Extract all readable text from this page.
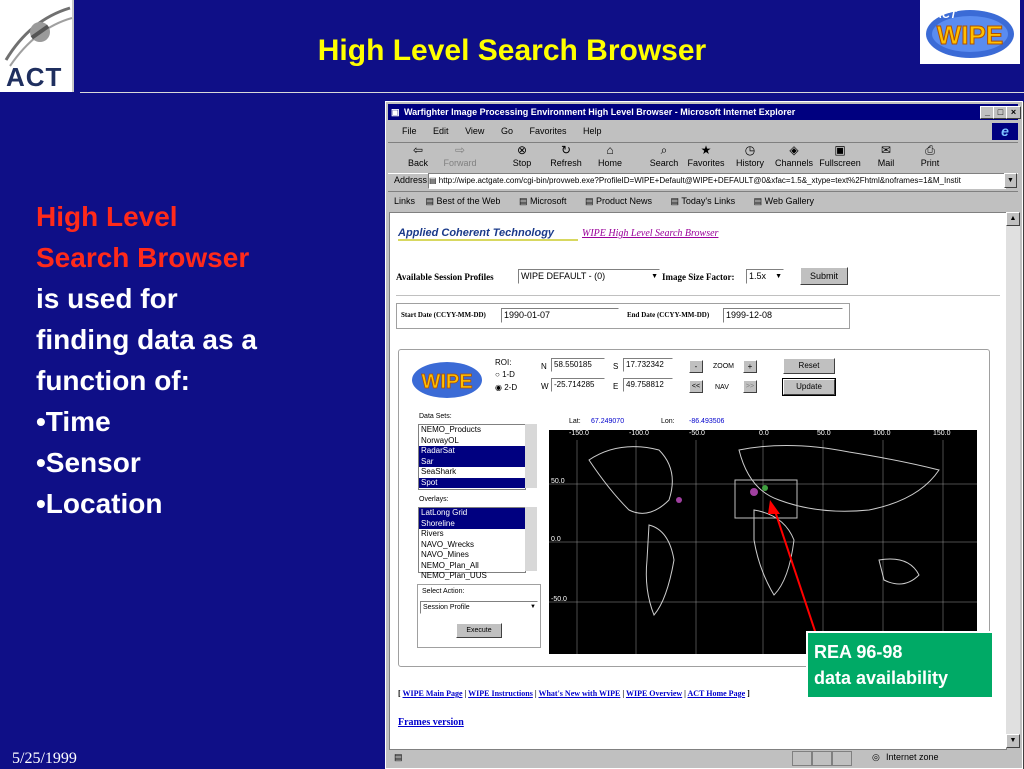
ACT
High Level Search Browser	WIPE
ACT
High Level
Search Browser
is used for
finding data as a
function of:
•Time
•Sensor
•Location
5/25/1999
▣ Warfighter Image Processing Environment High Level Browser - Microsoft Internet Explorer	_ □ ×
File Edit View Go Favorites Help	e
⇦
Back
⇨
Forward
⊗
Stop
↻
Refresh
⌂
Home
⌕
Search
★
Favorites
◷
History
◈
Channels
▣
Fullscreen
✉
Mail
⎙
Print
Address ▤ http://wipe.actgate.com/cgi-bin/provweb.exe?ProfileID=WIPE+Default@WIPE+DEFAULT@0&xfac=1.5&_xtype=text%2Fhtml&noframes=1&M_Instit	▼
Links ▤ Best of the Web ▤ Microsoft ▤ Product News ▤ Today's Links ▤ Web Gallery
Applied Coherent Technology	WIPE High Level Search Browser
Available Session Profiles	WIPE DEFAULT - (0)	▼ Image Size Factor:	1.5x ▼	Submit
Start Date (CCYY-MM-DD)	1990-01-07	End Date (CCYY-MM-DD)	1999-12-08
WIPE
ROI:
○ 1-D
◉ 2-D
N 58.550185	S 17.732342
W -25.714285	E 49.758812
-	ZOOM	+
<<	NAV	>>
Reset
Update
Data Sets:
NEMO_Products
NorwayOL
RadarSat
Sar
SeaShark
Spot
Overlays:
LatLong Grid
Shoreline
Rivers
NAVO_Wrecks
NAVO_Mines
NEMO_Plan_All
NEMO_Plan_UUS
Select Action:
Session Profile	▼
Execute
Lat: 67.249070	Lon: -86.493506
-150.0	-100.0	-50.0	0.0	50.0	100.0	150.0
50.0
0.0
-50.0
[ WIPE Main Page | WIPE Instructions | What's New with WIPE | WIPE Overview | ACT Home Page ]
Frames version
▲
▼
▤	◎ Internet zone
REA 96-98
data availability
